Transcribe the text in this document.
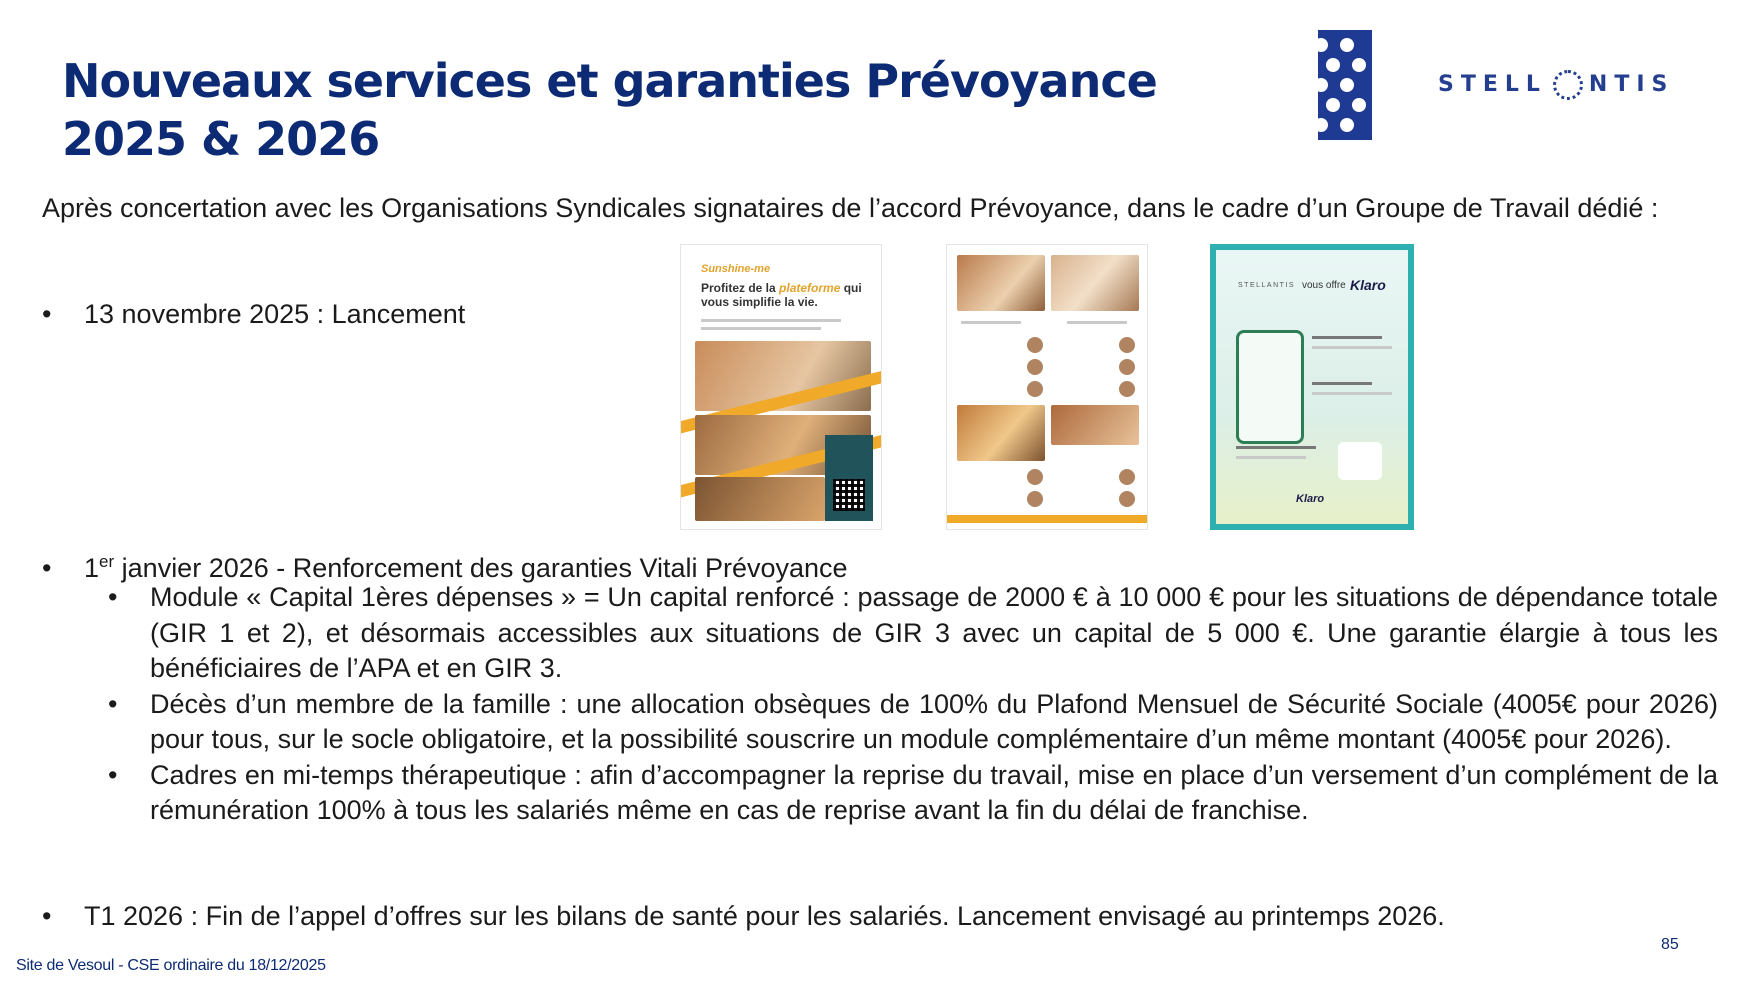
Nouveaux services et garanties Prévoyance 2025 & 2026
STELL NTIS

Après concertation avec les Organisations Syndicales signataires de l’accord Prévoyance, dans le cadre d’un Groupe de Travail dédié :

• 13 novembre 2025 : Lancement

Sunshine-me
Profitez de la plateforme qui vous simplifie la vie.
STELLANTIS vous offre Klaro
Klaro

• 1er janvier 2026 - Renforcement des garanties Vitali Prévoyance

• Module « Capital 1ères dépenses » = Un capital renforcé : passage de 2000 € à 10 000 € pour les situations de dépendance totale (GIR 1 et 2), et désormais accessibles aux situations de GIR 3 avec un capital de 5 000 €. Une garantie élargie à tous les bénéficiaires de l’APA et en GIR 3.
• Décès d’un membre de la famille : une allocation obsèques de 100% du Plafond Mensuel de Sécurité Sociale (4005€ pour 2026) pour tous, sur le socle obligatoire, et la possibilité souscrire un module complémentaire d’un même montant (4005€ pour 2026).
• Cadres en mi-temps thérapeutique : afin d’accompagner la reprise du travail, mise en place d’un versement d’un complément de la rémunération 100% à tous les salariés même en cas de reprise avant la fin du délai de franchise.

• T1 2026 : Fin de l’appel d’offres sur les bilans de santé pour les salariés. Lancement envisagé au printemps 2026.

Site de Vesoul - CSE ordinaire du 18/12/2025
85
